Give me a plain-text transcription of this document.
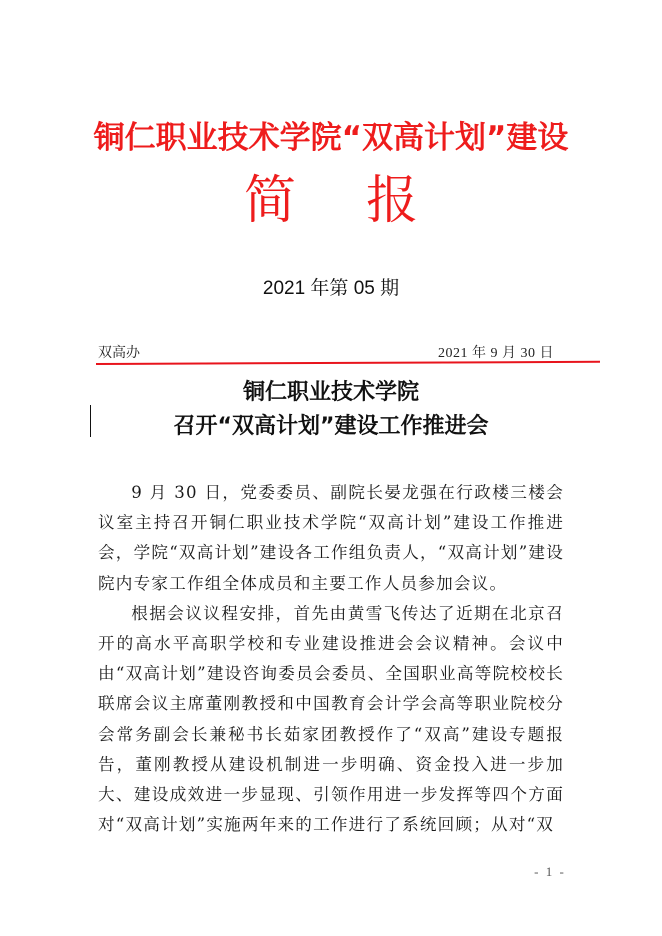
铜仁职业技术学院“双高计划”建设
简 报
2021 年第 05 期
双高办	2021 年 9 月 30 日
铜仁职业技术学院
召开“双高计划”建设工作推进会

9 月 30 日，党委委员、副院长晏龙强在行政楼三楼会议室主持召开铜仁职业技术学院“双高计划”建设工作推进会，学院“双高计划”建设各工作组负责人，“双高计划”建设院内专家工作组全体成员和主要工作人员参加会议。

根据会议议程安排，首先由黄雪飞传达了近期在北京召开的高水平高职学校和专业建设推进会会议精神。会议中由“双高计划”建设咨询委员会委员、全国职业高等院校校长联席会议主席董刚教授和中国教育会计学会高等职业院校分会常务副会长兼秘书长茹家团教授作了“双高”建设专题报告，董刚教授从建设机制进一步明确、资金投入进一步加大、建设成效进一步显现、引领作用进一步发挥等四个方面对“双高计划”实施两年来的工作进行了系统回顾；从对“双

- 1 -
